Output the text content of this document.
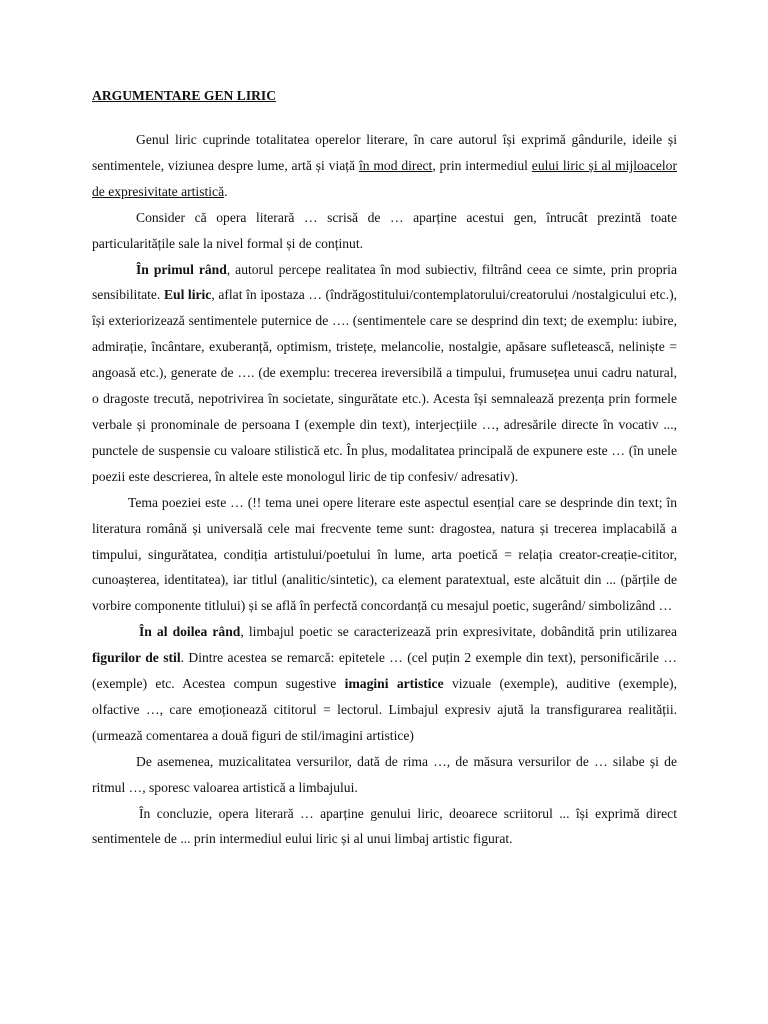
ARGUMENTARE GEN LIRIC

Genul liric cuprinde totalitatea operelor literare, în care autorul își exprimă gândurile, ideile și sentimentele, viziunea despre lume, artă și viață în mod direct, prin intermediul eului liric și al mijloacelor de expresivitate artistică.

Consider că opera literară … scrisă de … aparține acestui gen, întrucât prezintă toate particularitățile sale la nivel formal și de conținut.

În primul rând, autorul percepe realitatea în mod subiectiv, filtrând ceea ce simte, prin propria sensibilitate. Eul liric, aflat în ipostaza … (îndrăgostitului/contemplatorului/creatorului /nostalgicului etc.), își exteriorizează sentimentele puternice de …. (sentimentele care se desprind din text; de exemplu: iubire, admirație, încântare, exuberanță, optimism, tristețe, melancolie, nostalgie, apăsare sufletească, neliniște = angoasă etc.), generate de …. (de exemplu: trecerea ireversibilă a timpului, frumusețea unui cadru natural, o dragoste trecută, nepotrivirea în societate, singurătate etc.). Acesta își semnalează prezența prin formele verbale și pronominale de persoana I (exemple din text), interjecțiile …, adresările directe în vocativ ..., punctele de suspensie cu valoare stilistică etc. În plus, modalitatea principală de expunere este … (în unele poezii este descrierea, în altele este monologul liric de tip confesiv/ adresativ).

Tema poeziei este … (!! tema unei opere literare este aspectul esențial care se desprinde din text; în literatura română și universală cele mai frecvente teme sunt: dragostea, natura și trecerea implacabilă a timpului, singurătatea, condiția artistului/poetului în lume, arta poetică = relația creator-creație-cititor, cunoașterea, identitatea), iar titlul (analitic/sintetic), ca element paratextual, este alcătuit din ... (părțile de vorbire componente titlului) și se află în perfectă concordanță cu mesajul poetic, sugerând/ simbolizând …

În al doilea rând, limbajul poetic se caracterizează prin expresivitate, dobândită prin utilizarea figurilor de stil. Dintre acestea se remarcă: epitetele … (cel puțin 2 exemple din text), personificările … (exemple) etc. Acestea compun sugestive imagini artistice vizuale (exemple), auditive (exemple), olfactive …, care emoționează cititorul = lectorul. Limbajul expresiv ajută la transfigurarea realității. (urmează comentarea a două figuri de stil/imagini artistice)

De asemenea, muzicalitatea versurilor, dată de rima …, de măsura versurilor de … silabe și de ritmul …, sporesc valoarea artistică a limbajului.

În concluzie, opera literară … aparține genului liric, deoarece scriitorul ... își exprimă direct sentimentele de ... prin intermediul eului liric și al unui limbaj artistic figurat.
